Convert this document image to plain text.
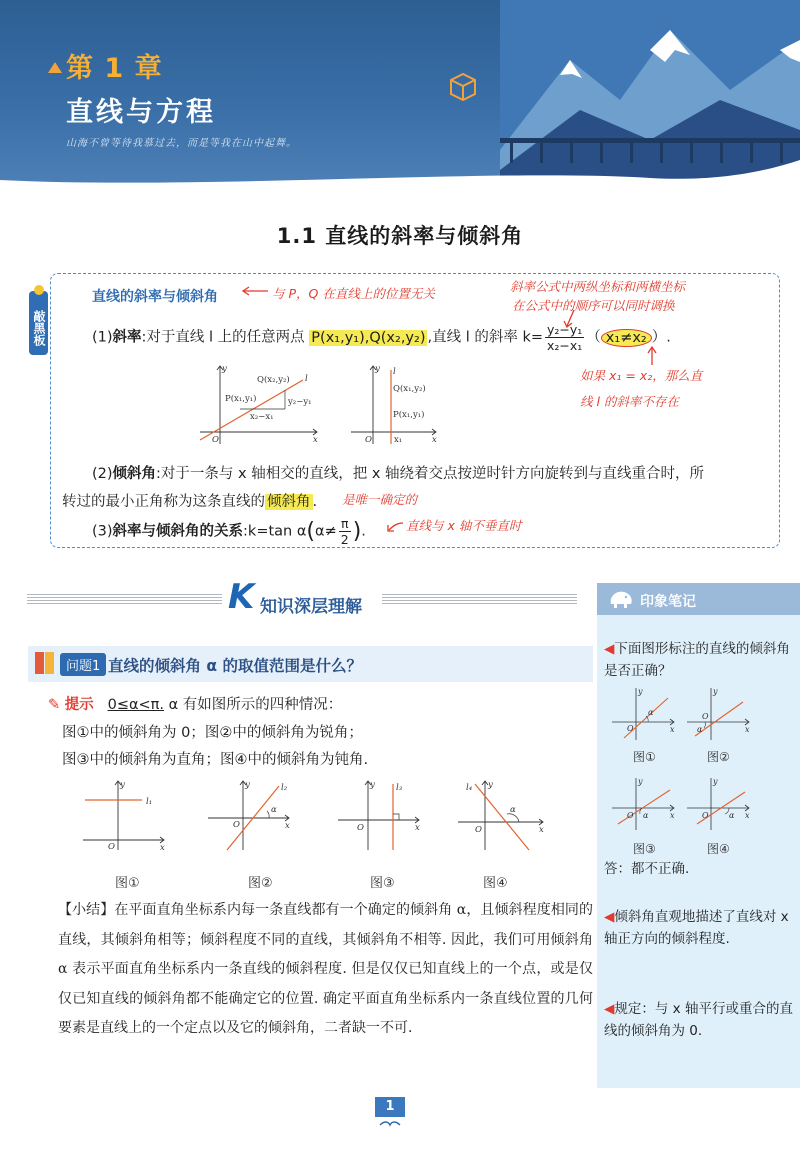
第 1 章
直线与方程
山海不曾等待我慕过去，而是等我在山中起舞。
1.1 直线的斜率与倾斜角
敲黑板
直线的斜率与倾斜角	与 P，Q 在直线上的位置无关	斜率公式中两纵坐标和两横坐标
在公式中的顺序可以同时调换
(1)斜率:对于直线 l 上的任意两点 P(x₁,y₁),Q(x₂,y₂) ,直线 l 的斜率 $k= \frac{\text{y₂−y₁}}{\text{x₂−x₁}}$ （ x₁≠x₂ ）.
如果 x₁ = x₂，那么直
线 l 的斜率不存在
y
O	x
Q(x₂,y₂)
P(x₁,y₁)
l
y₂−y₁
x₂−x₁
y l
Q(x₁,y₂)
P(x₁,y₁)
O	x₁	x
(2)倾斜角:对于一条与 x 轴相交的直线，把 x 轴绕着交点按逆时针方向旋转到与直线重合时，所
转过的最小正角称为这条直线的 倾斜角 . 是唯一确定的
(3)斜率与倾斜角的关系:k=tan $\alpha(\alpha\ne \frac{\pi}{2}$ ).	直线与 x 轴不垂直时
K 知识深层理解
问题1 直线的倾斜角 α 的取值范围是什么？
✎ 提示 0≤α<π. α 有如图所示的四种情况：
图①中的倾斜角为 0；图②中的倾斜角为锐角；
图③中的倾斜角为直角；图④中的倾斜角为钝角.
y
l₁
O	x
y	l₂
α
O	x
y l₃
O	x
y
l₄
α
O	x
图①	图②	图③	图④
【小结】在平面直角坐标系内每一条直线都有一个确定的倾斜角 α，且倾斜程度相同的直线，其倾斜角相等；倾斜程度不同的直线，其倾斜角不相等. 因此，我们可用倾斜角 α 表示平面直角坐标系内一条直线的倾斜程度. 但是仅仅已知直线上的一个点，或是仅仅已知直线的倾斜角都不能确定它的位置. 确定平面直角坐标系内一条直线位置的几何要素是直线上的一个定点以及它的倾斜角，二者缺一不可.
印象笔记
◀下面图形标注的直线的倾斜角是否正确？
y
α
O	x
y
α
O
x
图①	图②
y
α
O	x
y
α
O	x
图③	图④
答：都不正确.
◀倾斜角直观地描述了直线对 x 轴正方向的倾斜程度.
◀规定：与 x 轴平行或重合的直线的倾斜角为 0.
1
